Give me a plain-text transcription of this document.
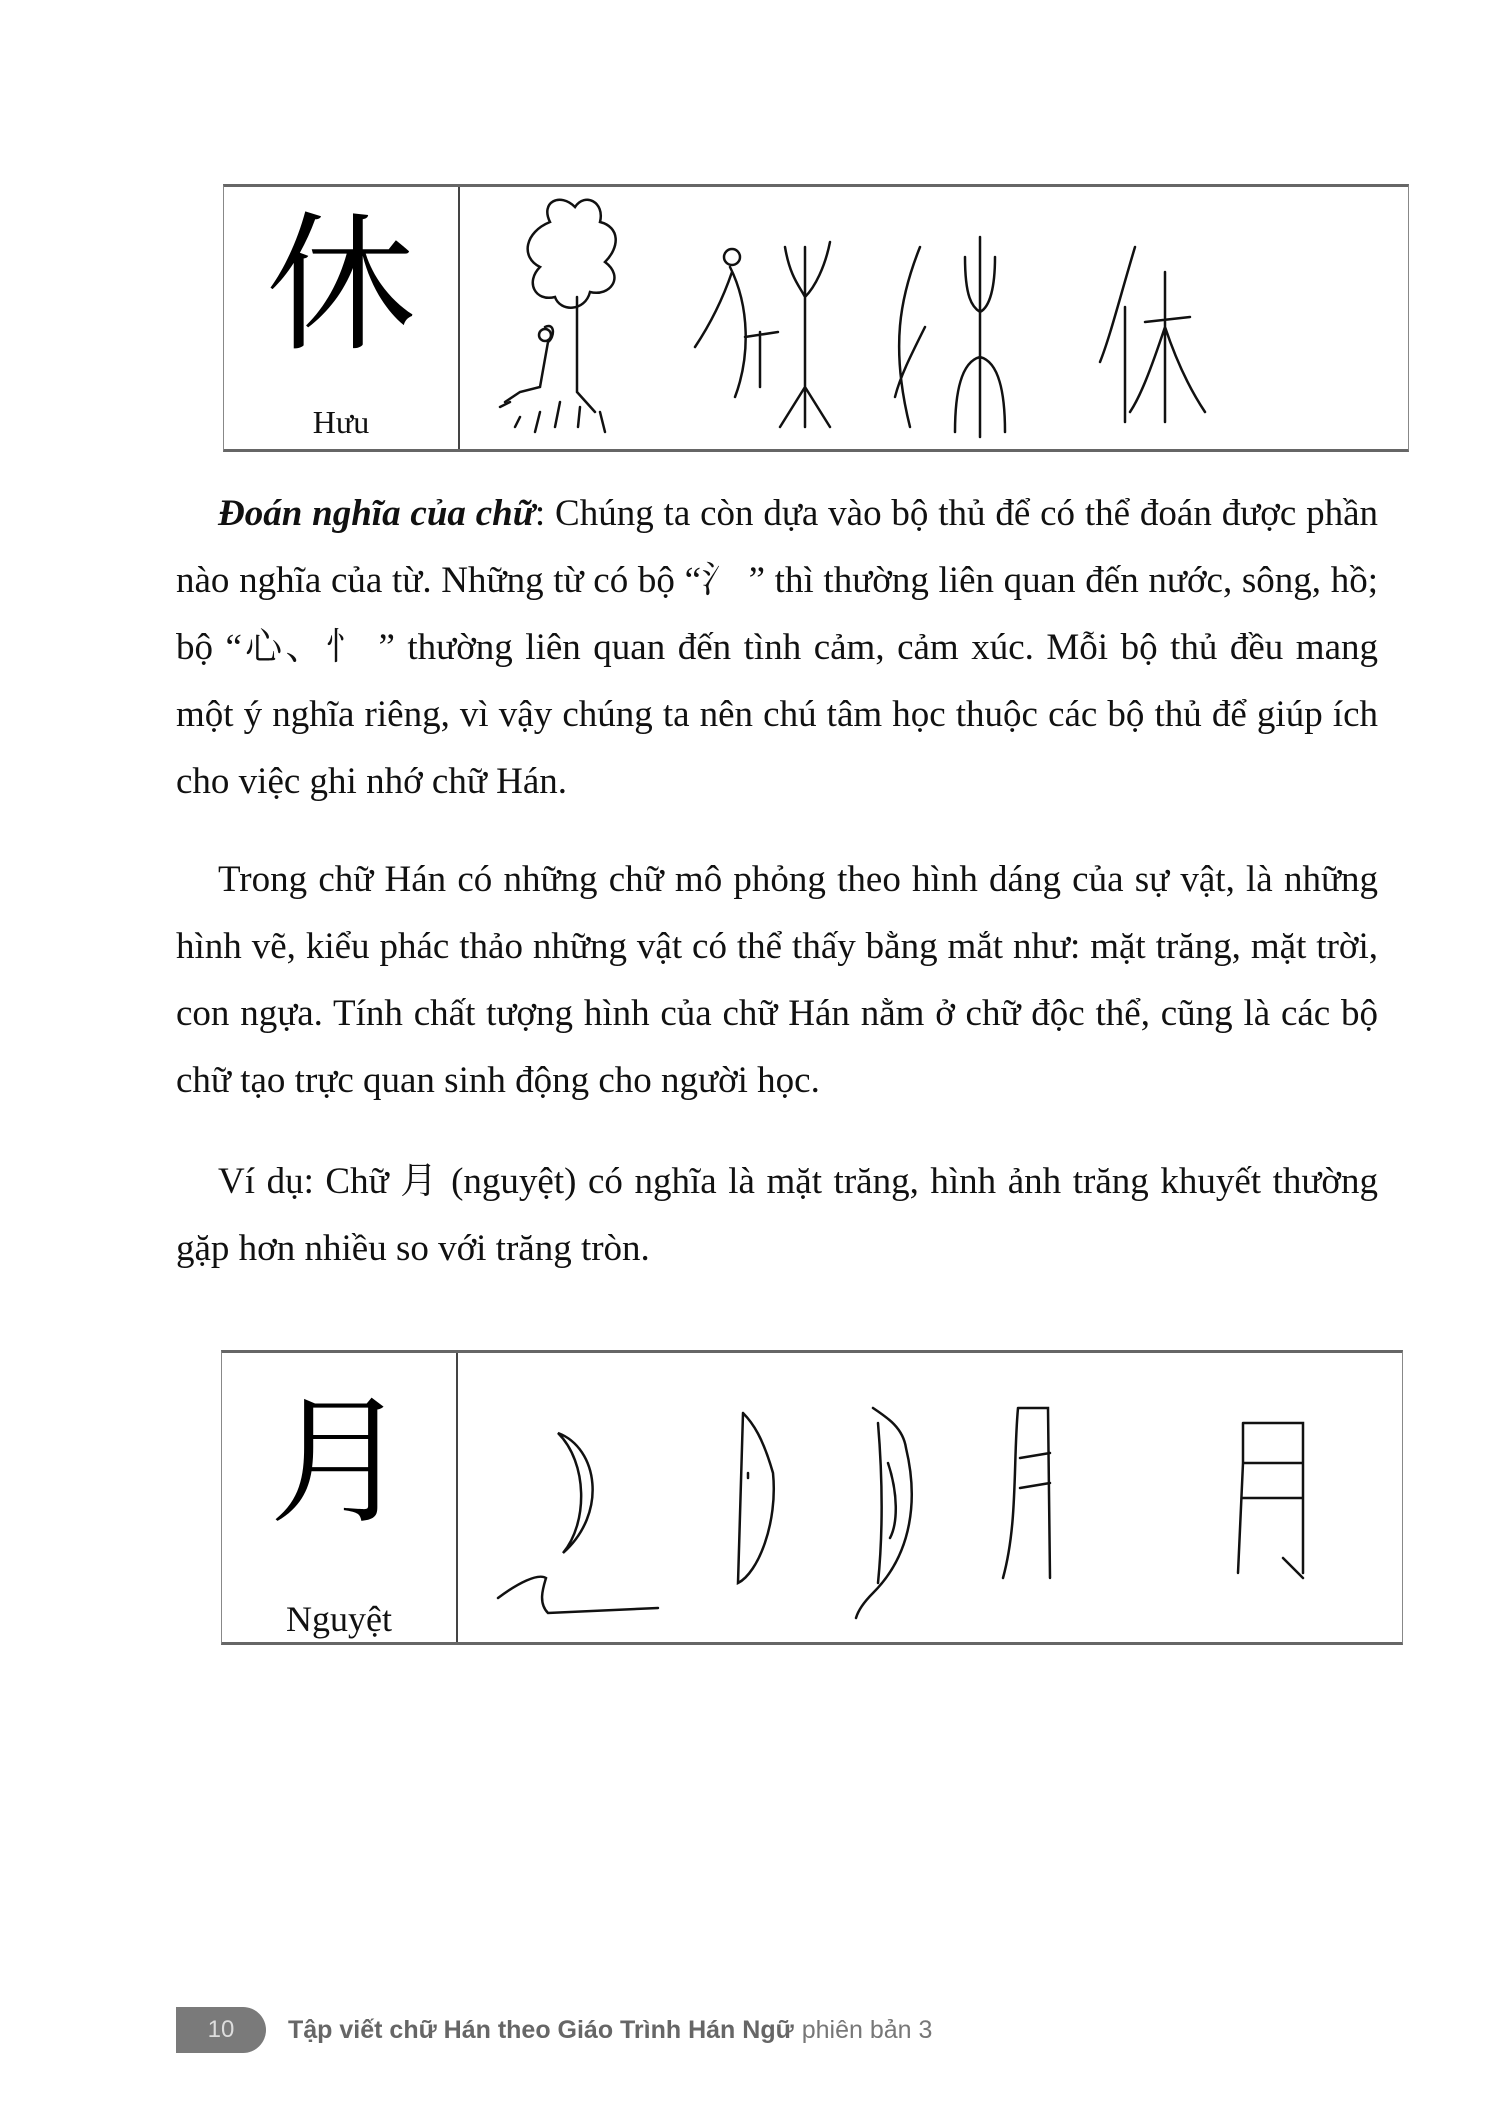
休
Hưu

Đoán nghĩa của chữ: Chúng ta còn dựa vào bộ thủ để có thể đoán được phần nào nghĩa của từ. Những từ có bộ “氵 ” thì thường liên quan đến nước, sông, hồ; bộ “心、忄 ” thường liên quan đến tình cảm, cảm xúc. Mỗi bộ thủ đều mang một ý nghĩa riêng, vì vậy chúng ta nên chú tâm học thuộc các bộ thủ để giúp ích cho việc ghi nhớ chữ Hán.

Trong chữ Hán có những chữ mô phỏng theo hình dáng của sự vật, là những hình vẽ, kiểu phác thảo những vật có thể thấy bằng mắt như: mặt trăng, mặt trời, con ngựa. Tính chất tượng hình của chữ Hán nằm ở chữ độc thể, cũng là các bộ chữ tạo trực quan sinh động cho người học.

Ví dụ: Chữ 月 (nguyệt) có nghĩa là mặt trăng, hình ảnh trăng khuyết thường gặp hơn nhiều so với trăng tròn.

月
Nguyệt
10	Tập viết chữ Hán theo Giáo Trình Hán Ngữ phiên bản 3
